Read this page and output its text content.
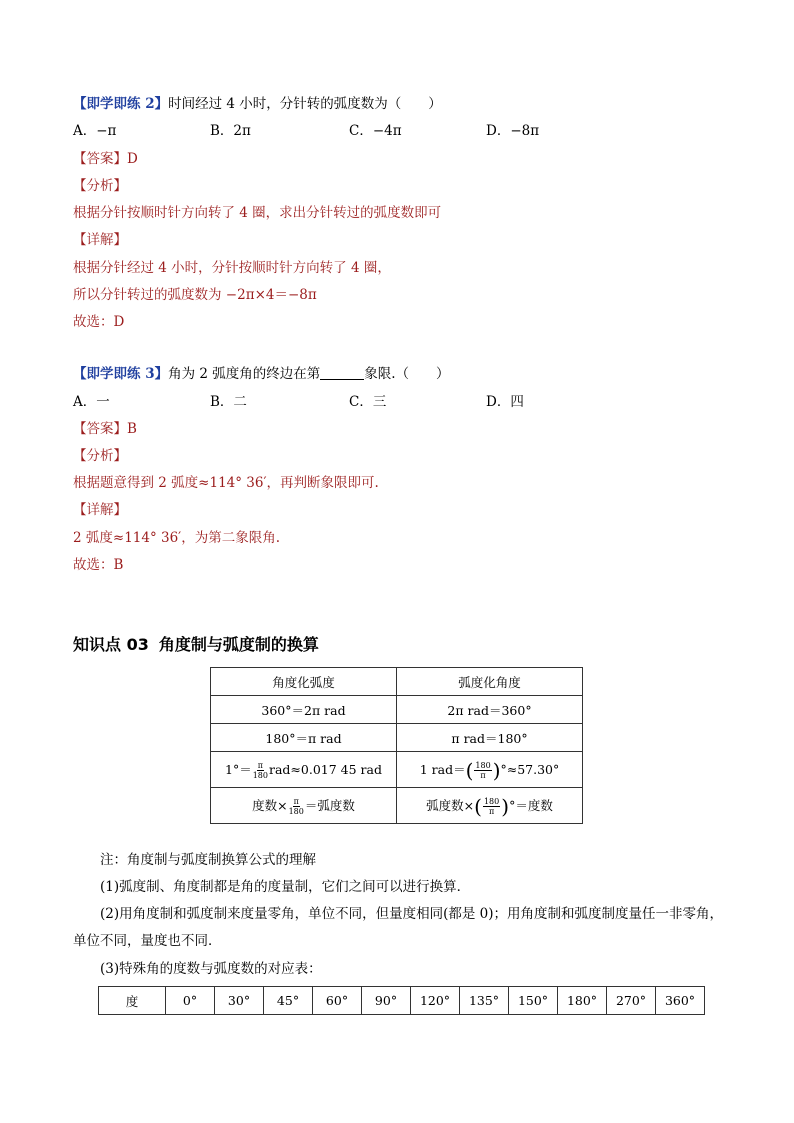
【即学即练 2】时间经过 4 小时，分针转的弧度数为（　　）
A．−π	B．2π	C．−4π	D．−8π
【答案】D
【分析】
根据分针按顺时针方向转了 4 圈，求出分针转过的弧度数即可
【详解】
根据分针经过 4 小时，分针按顺时针方向转了 4 圈，
所以分针转过的弧度数为 −2π×4＝−8π
故选：D
【即学即练 3】角为 2 弧度角的终边在第	象限.（　　）
A．一	B．二	C．三	D．四
【答案】B
【分析】
根据题意得到 2 弧度≈114° 36′，再判断象限即可.
【详解】
2 弧度≈114° 36′，为第二象限角.
故选：B
知识点 03 角度制与弧度制的换算
角度化弧度	弧度化角度
360°＝2π rad	2π rad＝360°
180°＝π rad	π rad＝180°
$1^\circ= \frac{\pi}{180} rad\approx 0.017$ 45 rad	1 $rad=( \frac{180}{\pi} )^\circ\approx 57.30^\circ$
度数× $\frac{\pi}{180}$ ＝弧度数	弧度数×( $\frac{180}{\pi}$ )°＝度数
注：角度制与弧度制换算公式的理解
(1)弧度制、角度制都是角的度量制，它们之间可以进行换算．
(2)用角度制和弧度制来度量零角，单位不同，但量度相同(都是 0)；用角度制和弧度制度量任一非零角，
单位不同，量度也不同．
(3)特殊角的度数与弧度数的对应表：
度	0°	30°	45°	60°	90°	120°	135°	150°	180°	270°	360°
